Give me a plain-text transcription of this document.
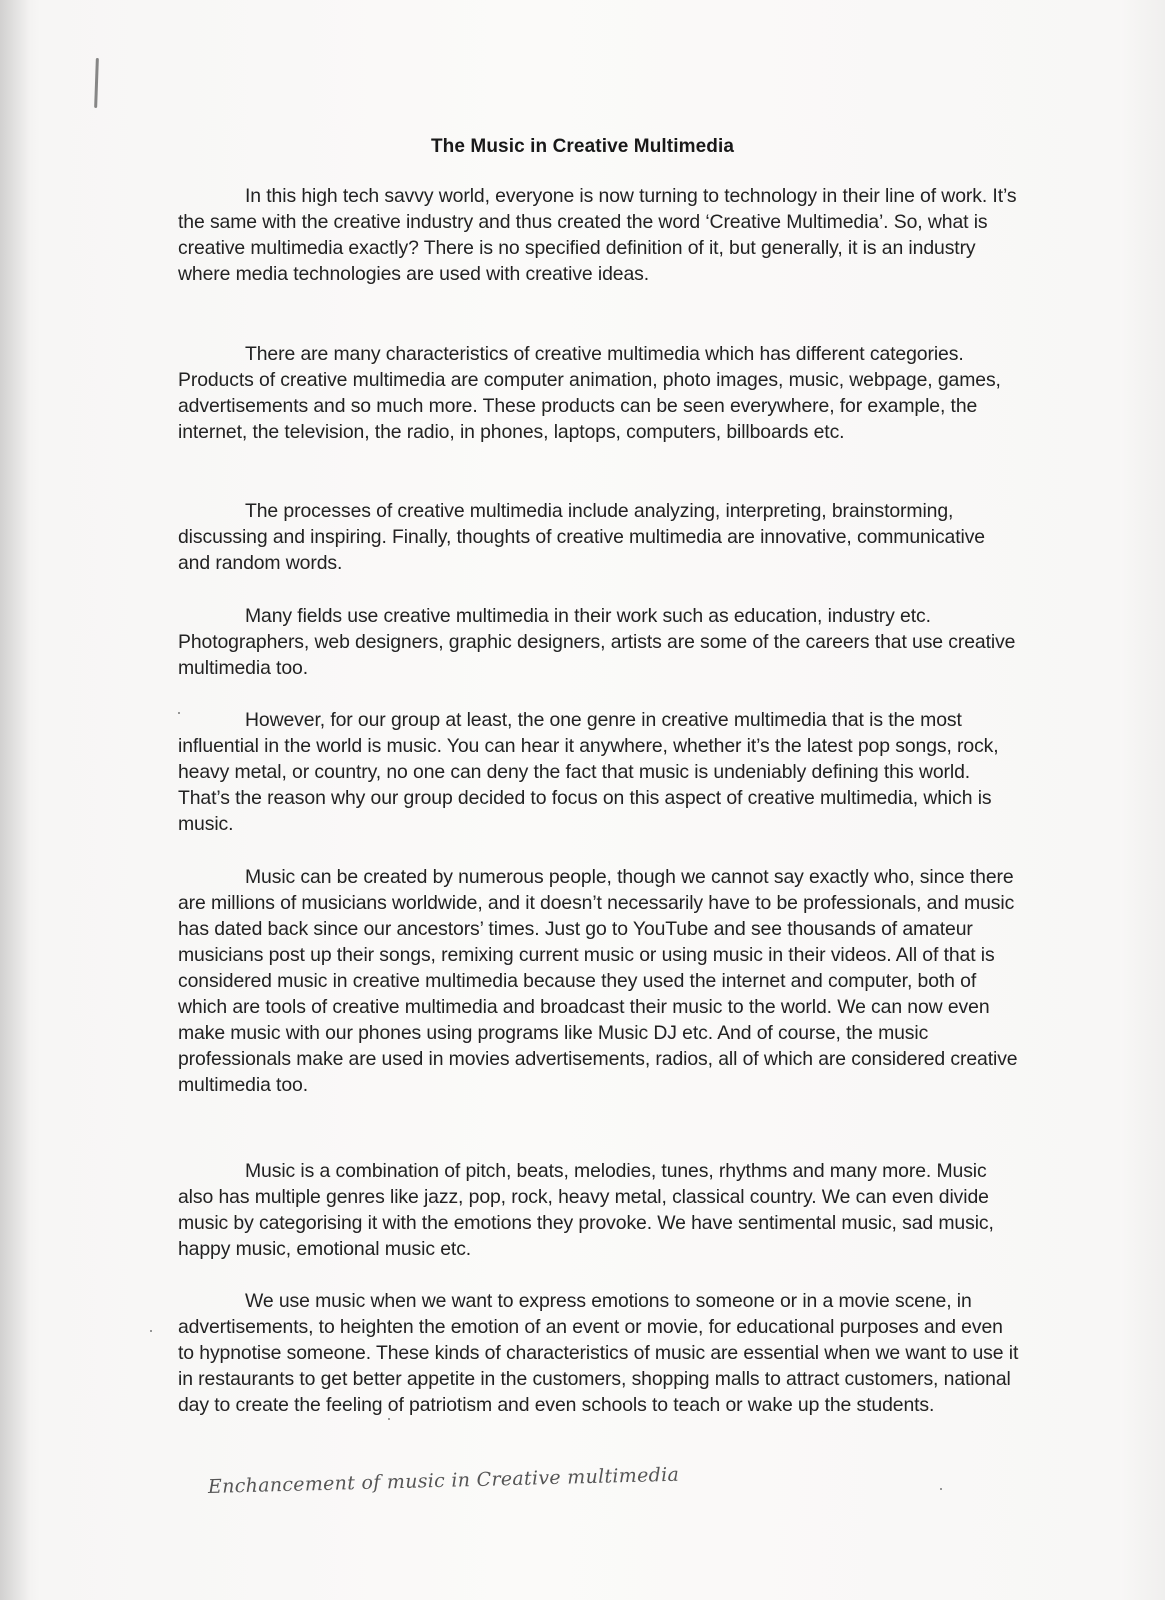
The Music in Creative Multimedia
In this high tech savvy world, everyone is now turning to technology in their line of work. It’s the same with the creative industry and thus created the word ‘Creative Multimedia’. So, what is creative multimedia exactly? There is no specified definition of it, but generally, it is an industry where media technologies are used with creative ideas.
There are many characteristics of creative multimedia which has different categories. Products of creative multimedia are computer animation, photo images, music, webpage, games, advertisements and so much more. These products can be seen everywhere, for example, the internet, the television, the radio, in phones, laptops, computers, billboards etc.
The processes of creative multimedia include analyzing, interpreting, brainstorming, discussing and inspiring. Finally, thoughts of creative multimedia are innovative, communicative and random words.
Many fields use creative multimedia in their work such as education, industry etc. Photographers, web designers, graphic designers, artists are some of the careers that use creative multimedia too.
However, for our group at least, the one genre in creative multimedia that is the most influential in the world is music. You can hear it anywhere, whether it’s the latest pop songs, rock, heavy metal, or country, no one can deny the fact that music is undeniably defining this world. That’s the reason why our group decided to focus on this aspect of creative multimedia, which is music.
Music can be created by numerous people, though we cannot say exactly who, since there are millions of musicians worldwide, and it doesn’t necessarily have to be professionals, and music has dated back since our ancestors’ times. Just go to YouTube and see thousands of amateur musicians post up their songs, remixing current music or using music in their videos. All of that is considered music in creative multimedia because they used the internet and computer, both of which are tools of creative multimedia and broadcast their music to the world. We can now even make music with our phones using programs like Music DJ etc. And of course, the music professionals make are used in movies advertisements, radios, all of which are considered creative multimedia too.
Music is a combination of pitch, beats, melodies, tunes, rhythms and many more. Music also has multiple genres like jazz, pop, rock, heavy metal, classical country. We can even divide music by categorising it with the emotions they provoke. We have sentimental music, sad music, happy music, emotional music etc.
We use music when we want to express emotions to someone or in a movie scene, in advertisements, to heighten the emotion of an event or movie, for educational purposes and even to hypnotise someone. These kinds of characteristics of music are essential when we want to use it in restaurants to get better appetite in the customers, shopping malls to attract customers, national day to create the feeling of patriotism and even schools to teach or wake up the students.
Enchancement of music in Creative multimedia
